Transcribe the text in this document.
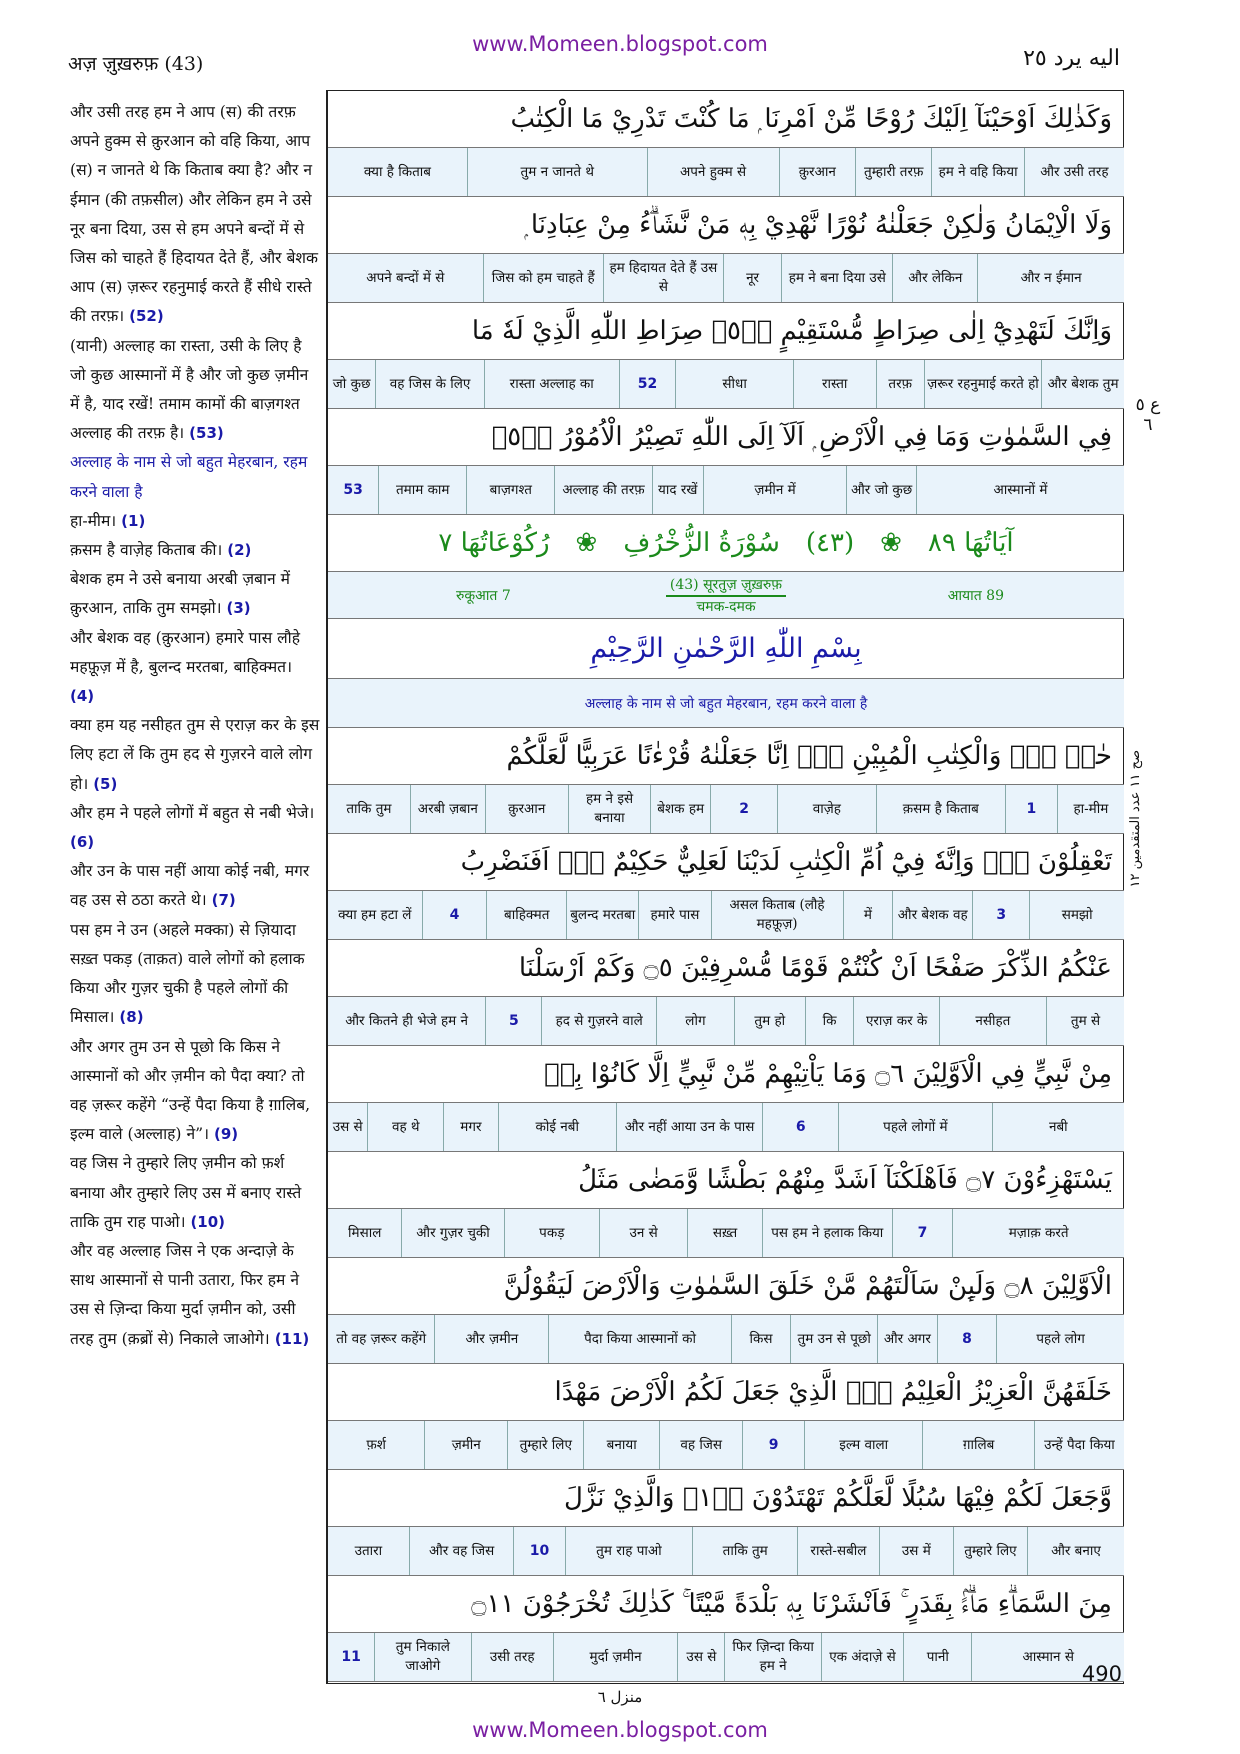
www.Momeen.blogspot.com
अज़ ज़ुख़रुफ़ (43)	اليه يرد ٢٥

और उसी तरह हम ने आप (स) की तरफ़ अपने हुक्म से क़ुरआन को वहि किया, आप (स) न जानते थे कि किताब क्या है? और न ईमान (की तफ़सील) और लेकिन हम ने उसे नूर बना दिया, उस से हम अपने बन्दों में से जिस को चाहते हैं हिदायत देते हैं, और बेशक आप (स) ज़रूर रहनुमाई करते हैं सीधे रास्ते की तरफ़। (52)

(यानी) अल्लाह का रास्ता, उसी के लिए है जो कुछ आस्मानों में है और जो कुछ ज़मीन में है, याद रखें! तमाम कामों की बाज़गश्त अल्लाह की तरफ़ है। (53)

अल्लाह के नाम से जो बहुत मेहरबान, रहम करने वाला है

हा-मीम। (1)

क़सम है वाज़ेह किताब की। (2)

बेशक हम ने उसे बनाया अरबी ज़बान में क़ुरआन, ताकि तुम समझो। (3)

और बेशक वह (क़ुरआन) हमारे पास लौहे महफ़ूज़ में है, बुलन्द मरतबा, बाहिक्मत। (4)

क्या हम यह नसीहत तुम से एराज़ कर के इस लिए हटा लें कि तुम हद से गुज़रने वाले लोग हो। (5)

और हम ने पहले लोगों में बहुत से नबी भेजे। (6)

और उन के पास नहीं आया कोई नबी, मगर वह उस से ठठा करते थे। (7)

पस हम ने उन (अहले मक्का) से ज़ियादा सख़्त पकड़ (ताक़त) वाले लोगों को हलाक किया और गुज़र चुकी है पहले लोगों की मिसाल। (8)

और अगर तुम उन से पूछो कि किस ने आस्मानों को और ज़मीन को पैदा क्या? तो वह ज़रूर कहेंगे “उन्हें पैदा किया है ग़ालिब, इल्म वाले (अल्लाह) ने”। (9)

वह जिस ने तुम्हारे लिए ज़मीन को फ़र्श बनाया और तुम्हारे लिए उस में बनाए रास्ते ताकि तुम राह पाओ। (10)

और वह अल्लाह जिस ने एक अन्दाज़े के साथ आस्मानों से पानी उतारा, फिर हम ने उस से ज़िन्दा किया मुर्दा ज़मीन को, उसी तरह तुम (क़ब्रों से) निकाले जाओगे। (11)

وَكَذٰلِكَ اَوْحَيْنَآ اِلَيْكَ رُوْحًا مِّنْ اَمْرِنَا ۭ مَا كُنْتَ تَدْرِيْ مَا الْكِتٰبُ
और उसी तरह
हम ने वहि किया
तुम्हारी तरफ़
क़ुरआन
अपने हुक्म से
तुम न जानते थे
क्या है किताब
وَلَا الْاِيْمَانُ وَلٰكِنْ جَعَلْنٰهُ نُوْرًا نَّهْدِيْ بِهٖ مَنْ نَّشَاۗءُ مِنْ عِبَادِنَا ۭ
और न ईमान
और लेकिन
हम ने बना दिया उसे
नूर
हम हिदायत देते हैं उस से
जिस को हम चाहते हैं
अपने बन्दों में से
وَاِنَّكَ لَتَهْدِيْٓ اِلٰى صِرَاطٍ مُّسْتَقِيْمٍ ۝٥٢ۙ صِرَاطِ اللّٰهِ الَّذِيْ لَهٗ مَا
और बेशक तुम
ज़रूर रहनुमाई करते हो
तरफ़
रास्ता
सीधा
52
रास्ता अल्लाह का
वह जिस के लिए
जो कुछ
فِي السَّمٰوٰتِ وَمَا فِي الْاَرْضِ ۭ اَلَآ اِلَى اللّٰهِ تَصِيْرُ الْاُمُوْرُ ۝٥٣ۧ
आस्मानों में
और जो कुछ
ज़मीन में
याद रखें
अल्लाह की तरफ़
बाज़गश्त
तमाम काम
53
آيَاتُهَا ٨٩
❀
(٤٣)
سُوْرَةُ الزُّخْرُفِ
❀
رُكُوْعَاتُهَا ٧
रुकूआत 7
(43) सूरतुज़ ज़ुख़रुफ़
चमक-दमक
आयात 89
بِسْمِ اللّٰهِ الرَّحْمٰنِ الرَّحِيْمِ
अल्लाह के नाम से जो बहुत मेहरबान, रहम करने वाला है
حٰمۗ ۝١ۚ وَالْكِتٰبِ الْمُبِيْنِ ۝٢ۙ اِنَّا جَعَلْنٰهُ قُرْءٰنًا عَرَبِيًّا لَّعَلَّكُمْ
हा-मीम
1
क़सम है किताब
वाज़ेह
2
बेशक हम
हम ने इसे बनाया
क़ुरआन
अरबी ज़बान
ताकि तुम
تَعْقِلُوْنَ ۝٣ۚ وَاِنَّهٗ فِيْٓ اُمِّ الْكِتٰبِ لَدَيْنَا لَعَلِيٌّ حَكِيْمٌ ۝٤ۭ اَفَنَضْرِبُ
समझो
3
और बेशक वह
में
असल किताब (लौहे महफ़ूज़)
हमारे पास
बुलन्द मरतबा
बाहिक्मत
4
क्या हम हटा लें
عَنْكُمُ الذِّكْرَ صَفْحًا اَنْ كُنْتُمْ قَوْمًا مُّسْرِفِيْنَ ۝٥ وَكَمْ اَرْسَلْنَا
तुम से
नसीहत
एराज़ कर के
कि
तुम हो
लोग
हद से गुज़रने वाले
5
और कितने ही भेजे हम ने
مِنْ نَّبِيٍّ فِي الْاَوَّلِيْنَ ۝٦ وَمَا يَاْتِيْهِمْ مِّنْ نَّبِيٍّ اِلَّا كَانُوْا بِهٖ
नबी
पहले लोगों में
6
और नहीं आया उन के पास
कोई नबी
मगर
वह थे
उस से
يَسْتَهْزِءُوْنَ ۝٧ فَاَهْلَكْنَآ اَشَدَّ مِنْهُمْ بَطْشًا وَّمَضٰى مَثَلُ
मज़ाक़ करते
7
पस हम ने हलाक किया
सख़्त
उन से
पकड़
और गुज़र चुकी
मिसाल
الْاَوَّلِيْنَ ۝٨ وَلَىِٕنْ سَاَلْتَهُمْ مَّنْ خَلَقَ السَّمٰوٰتِ وَالْاَرْضَ لَيَقُوْلُنَّ
पहले लोग
8
और अगर
तुम उन से पूछो
किस
पैदा किया आस्मानों को
और ज़मीन
तो वह ज़रूर कहेंगे
خَلَقَهُنَّ الْعَزِيْزُ الْعَلِيْمُ ۝٩ۙ الَّذِيْ جَعَلَ لَكُمُ الْاَرْضَ مَهْدًا
उन्हें पैदा किया
ग़ालिब
इल्म वाला
9
वह जिस
बनाया
तुम्हारे लिए
ज़मीन
फ़र्श
وَّجَعَلَ لَكُمْ فِيْهَا سُبُلًا لَّعَلَّكُمْ تَهْتَدُوْنَ ۝١٠ۚ وَالَّذِيْ نَزَّلَ
और बनाए
तुम्हारे लिए
उस में
रास्ते-सबील
ताकि तुम
तुम राह पाओ
10
और वह जिस
उतारा
مِنَ السَّمَاۗءِ مَاۗءًۢ بِقَدَرٍ ۚ فَاَنْشَرْنَا بِهٖ بَلْدَةً مَّيْتًا ۚ كَذٰلِكَ تُخْرَجُوْنَ ۝١١
आस्मान से
पानी
एक अंदाज़े से
फिर ज़िन्दा किया हम ने
उस से
मुर्दा ज़मीन
उसी तरह
तुम निकाले जाओगे
11
ع ٥ ٦
صح ١١ عدد المتقدمين ١٢
منزل ٦
490
www.Momeen.blogspot.com
